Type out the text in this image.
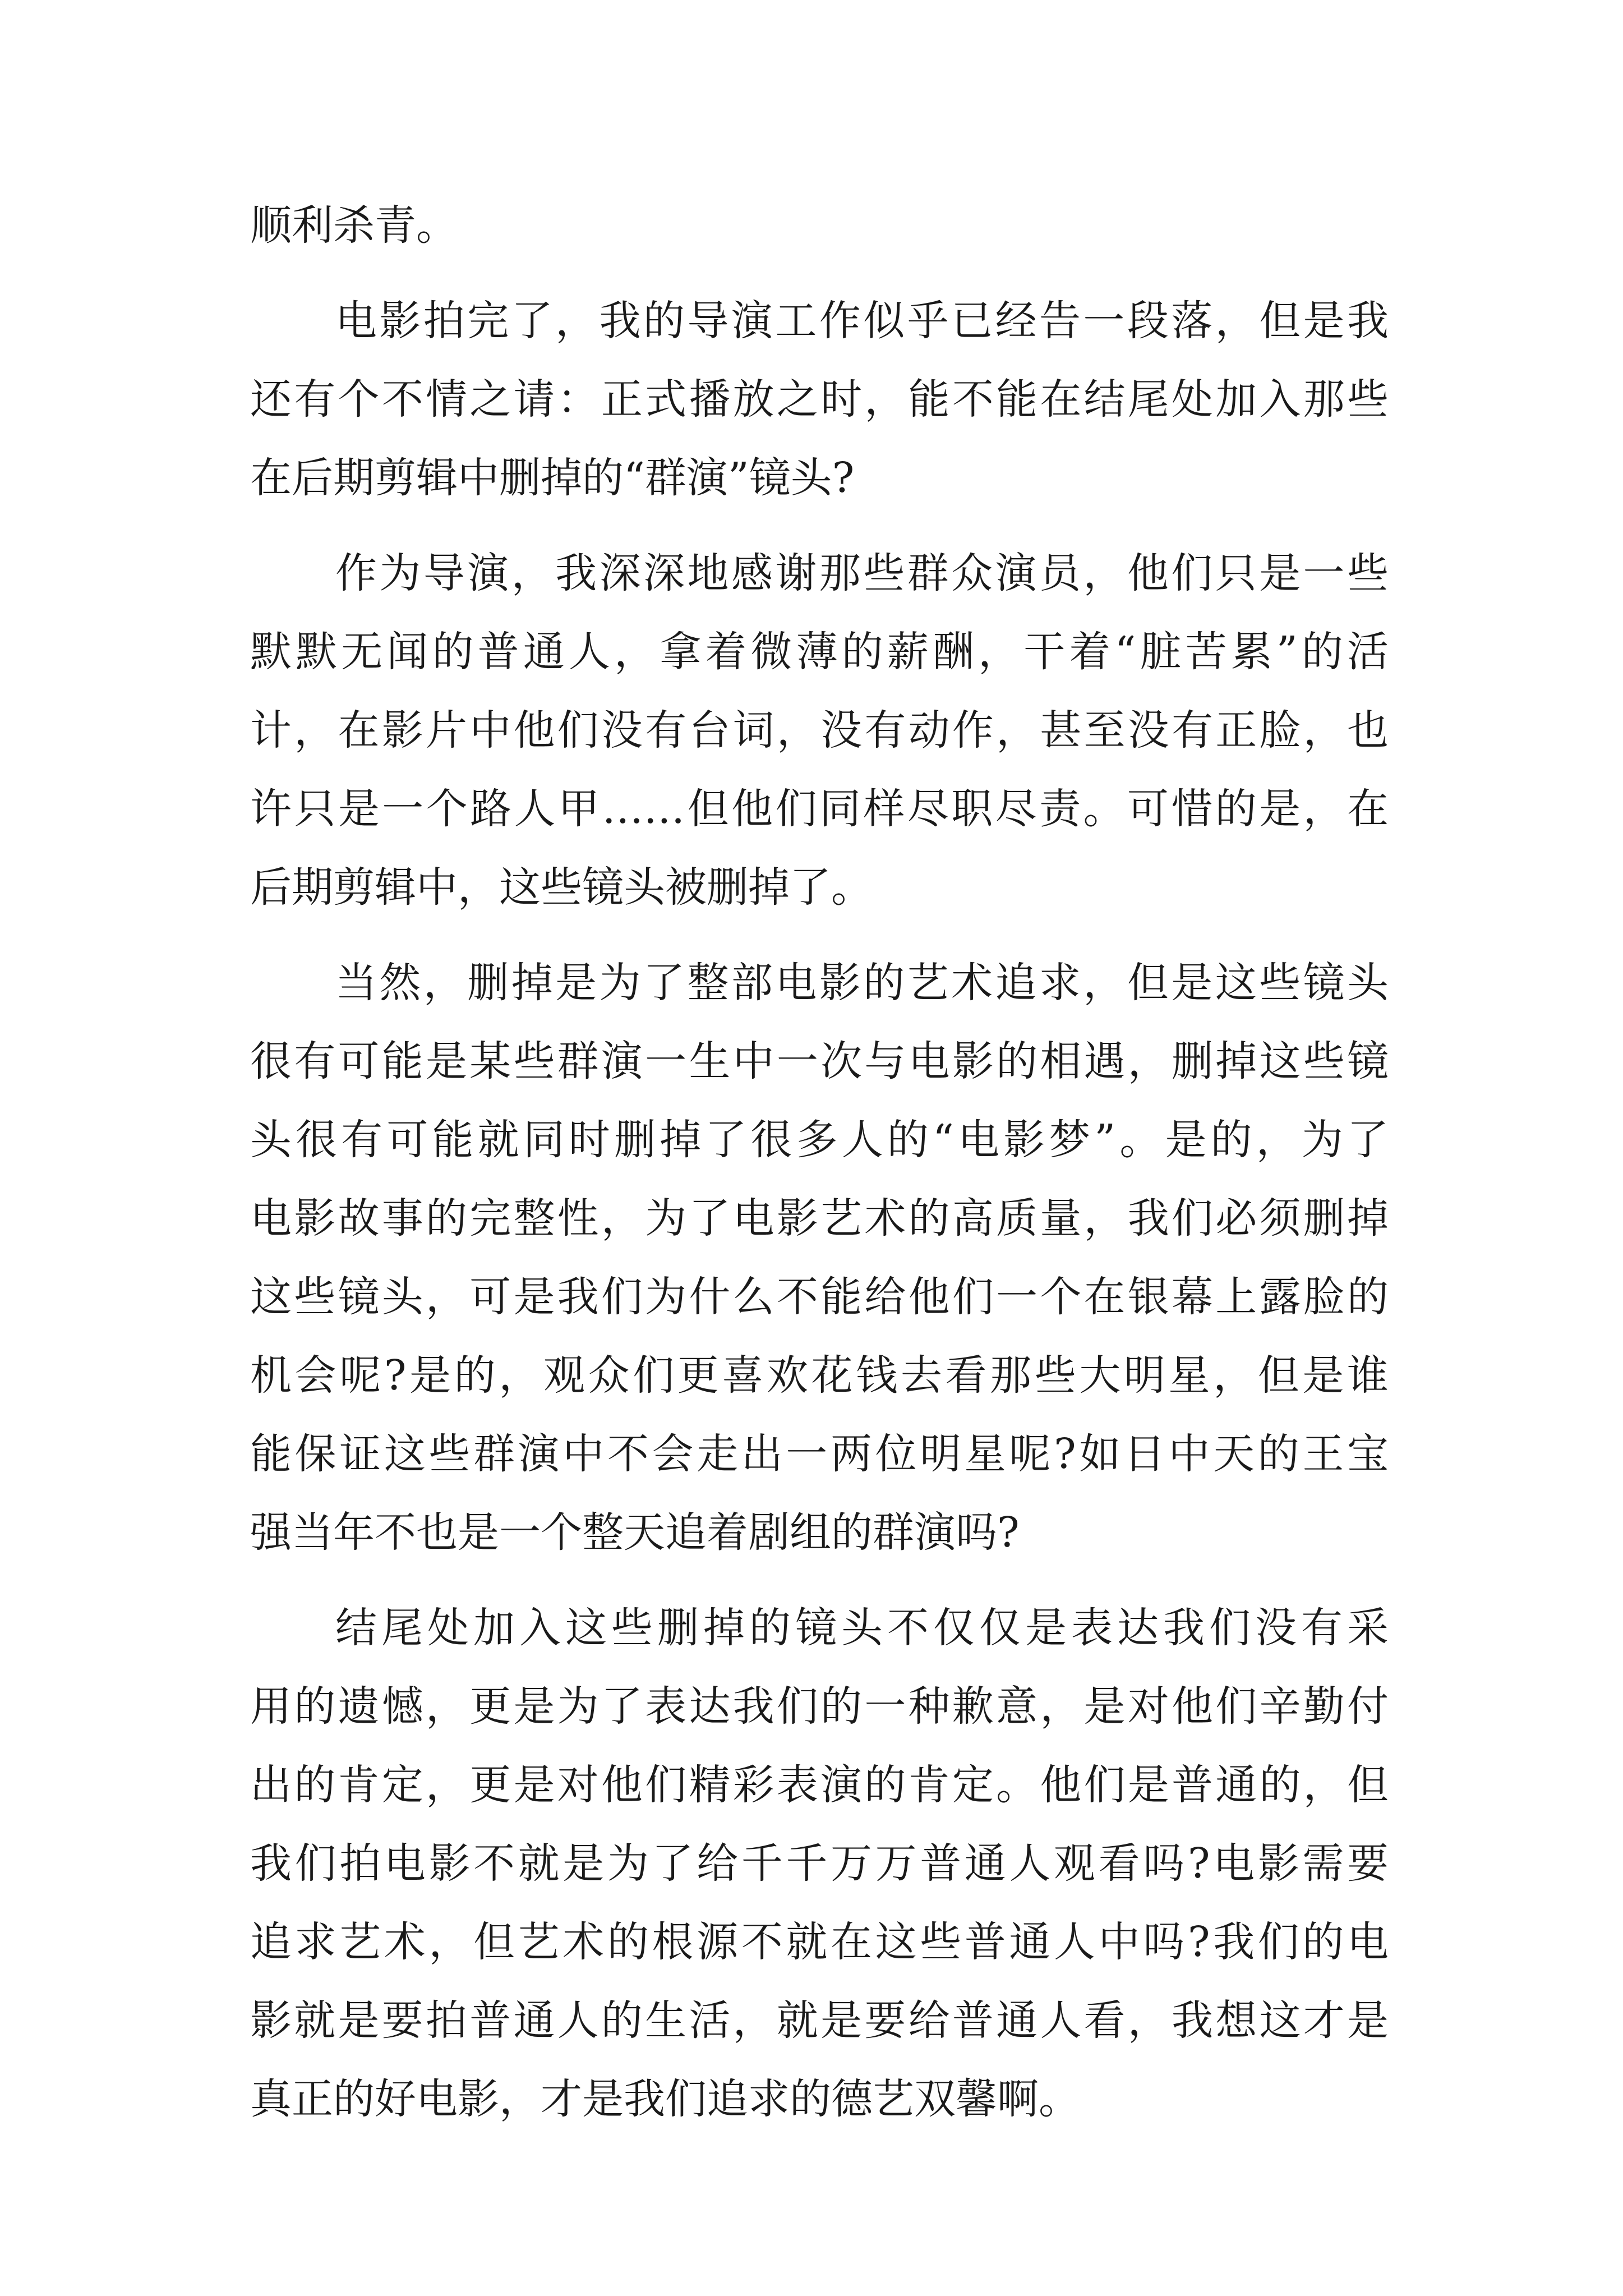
顺利杀青。

电影拍完了，我的导演工作似乎已经告一段落，但是我

还有个不情之请：正式播放之时，能不能在结尾处加入那些

在后期剪辑中删掉的“群演”镜头?

作为导演，我深深地感谢那些群众演员，他们只是一些

默默无闻的普通人，拿着微薄的薪酬，干着“脏苦累”的活

计，在影片中他们没有台词，没有动作，甚至没有正脸，也

许只是一个路人甲……但他们同样尽职尽责。可惜的是，在

后期剪辑中，这些镜头被删掉了。

当然，删掉是为了整部电影的艺术追求，但是这些镜头

很有可能是某些群演一生中一次与电影的相遇，删掉这些镜

头很有可能就同时删掉了很多人的“电影梦”。是的，为了

电影故事的完整性，为了电影艺术的高质量，我们必须删掉

这些镜头，可是我们为什么不能给他们一个在银幕上露脸的

机会呢?是的，观众们更喜欢花钱去看那些大明星，但是谁

能保证这些群演中不会走出一两位明星呢?如日中天的王宝

强当年不也是一个整天追着剧组的群演吗?

结尾处加入这些删掉的镜头不仅仅是表达我们没有采

用的遗憾，更是为了表达我们的一种歉意，是对他们辛勤付

出的肯定，更是对他们精彩表演的肯定。他们是普通的，但

我们拍电影不就是为了给千千万万普通人观看吗?电影需要

追求艺术，但艺术的根源不就在这些普通人中吗?我们的电

影就是要拍普通人的生活，就是要给普通人看，我想这才是

真正的好电影，才是我们追求的德艺双馨啊。
